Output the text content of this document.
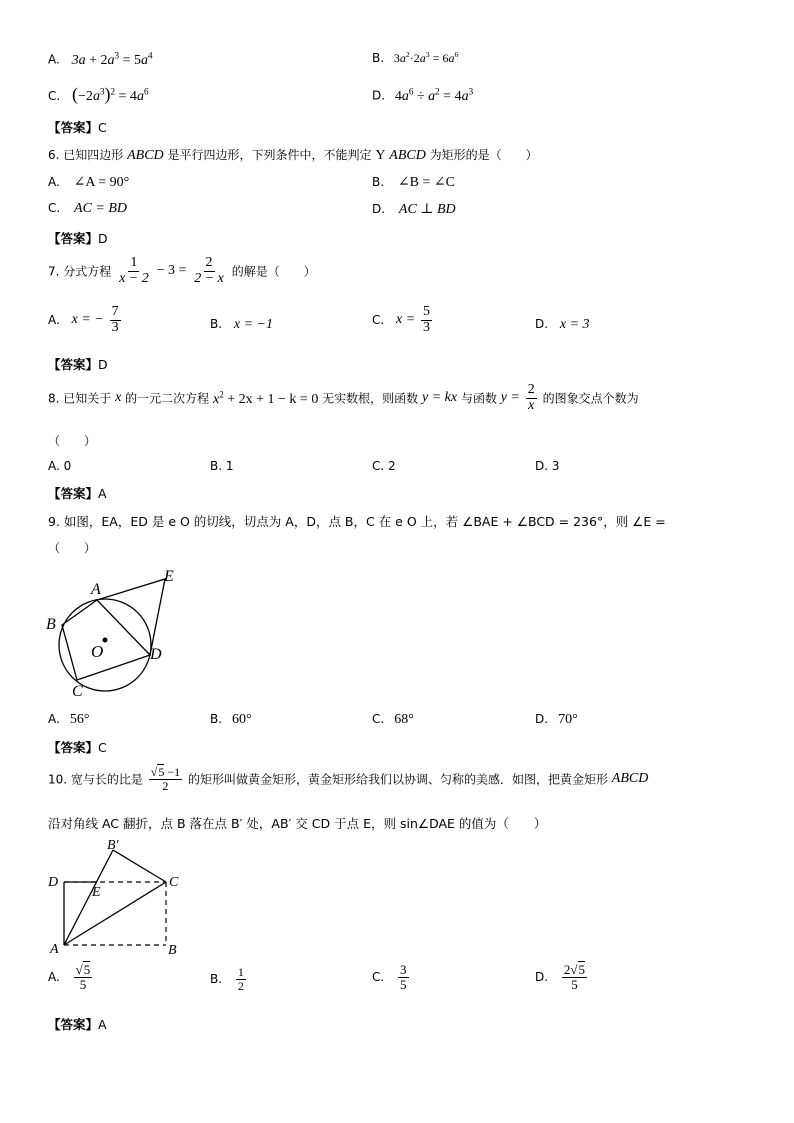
A. $3a + 2a^3 = 5a^4$	B. $3a^2\cdot 2a^3 = 6a^6$
C. $(-2a^3)^2 = 4a^6$	D. $4a^6 \div a^2 = 4a^3$
【答案】C
6. 已知四边形 ABCD 是平行四边形，下列条件中，不能判定 Y ABCD 为矩形的是（　　）
A. ∠A = 90°	B. ∠B = ∠C
C. AC = BD	D. AC ⊥ BD
【答案】D
7. 分式方程 $\frac{1}{x - 2} - 3 = \frac{2}{2 - x}$ 的解是（　　）
A. x = − $\frac{7}{3}$	B. x = −1	C. $x = \frac{5}{3}$	D. x = 3
【答案】D
8. 已知关于 x 的一元二次方程 $x^2 + 2x + 1 - k = 0$ 无实数根，则函数 y = kx 与函数 $y = \frac{2}{x}$ 的图象交点个数为
（　　）
A. 0	B. 1	C. 2	D. 3
【答案】A
9. 如图，EA，ED 是 e O 的切线，切点为 A，D，点 B，C 在 e O 上，若 ∠BAE + ∠BCD = 236°，则 ∠E =
（　　）
A
B
C
D
E
O
A. 56°	B. 60°	C. 68°	D. 70°
【答案】C
10. 宽与长的比是 $\frac{√5 -1}{2}$ 的矩形叫做黄金矩形，黄金矩形给我们以协调、匀称的美感．如图，把黄金矩形 ABCD
沿对角线 AC 翻折，点 B 落在点 B′ 处，AB′ 交 CD 于点 E，则 sin∠DAE 的值为（　　）
B′
D
E
C
A	B
A. $\frac{√5}{5}$	B. $\frac{1}{2}$	C. $\frac{3}{5}$	D. $\frac{2√5}{5}$
【答案】A
